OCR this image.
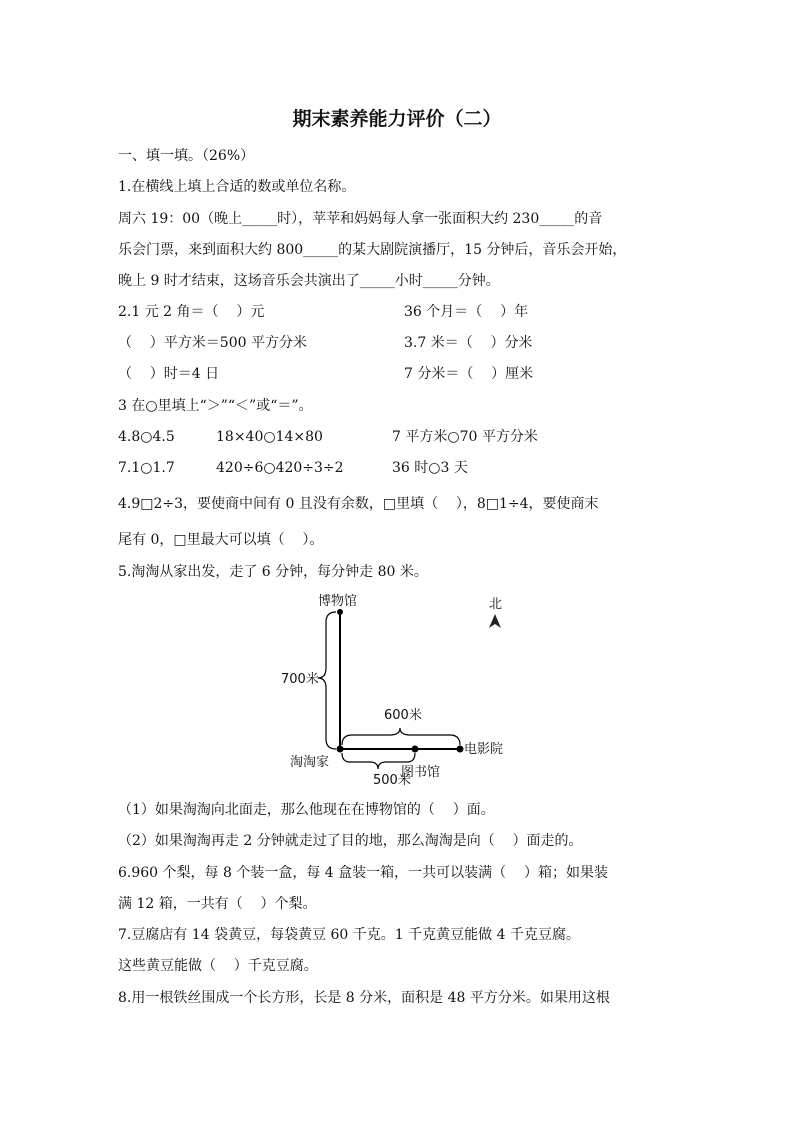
期末素养能力评价（二）
一、填一填。（26%）
1.在横线上填上合适的数或单位名称。
周六 19：00（晚上_____时），苹苹和妈妈每人拿一张面积大约 230_____的音
乐会门票，来到面积大约 800_____的某大剧院演播厅，15 分钟后，音乐会开始，
晚上 9 时才结束，这场音乐会共演出了_____小时_____分钟。
2.1 元 2 角＝（    ）元	36 个月＝（    ）年
（    ）平方米＝500 平方分米	3.7 米＝（    ）分米
（    ）时＝4 日	7 分米＝（    ）厘米
3 在○里填上“＞”“＜”或“＝”。
4.8○4.5	18×40○14×80	7 平方米○70 平方分米
7.1○1.7	420÷6○420÷3÷2	36 时○3 天
4.9□2÷3，要使商中间有 0 且没有余数，□里填（    ），8□1÷4，要使商末
尾有 0，□里最大可以填（    ）。
5.淘淘从家出发，走了 6 分钟，每分钟走 80 米。
博物馆	北
700米
600米
淘淘家
电影院
图书馆
500米
（1）如果淘淘向北面走，那么他现在在博物馆的（    ）面。
（2）如果淘淘再走 2 分钟就走过了目的地，那么淘淘是向（    ）面走的。
6.960 个梨，每 8 个装一盒，每 4 盒装一箱，一共可以装满（    ）箱；如果装
满 12 箱，一共有（    ）个梨。
7.豆腐店有 14 袋黄豆，每袋黄豆 60 千克。1 千克黄豆能做 4 千克豆腐。
这些黄豆能做（    ）千克豆腐。
8.用一根铁丝围成一个长方形，长是 8 分米，面积是 48 平方分米。如果用这根
